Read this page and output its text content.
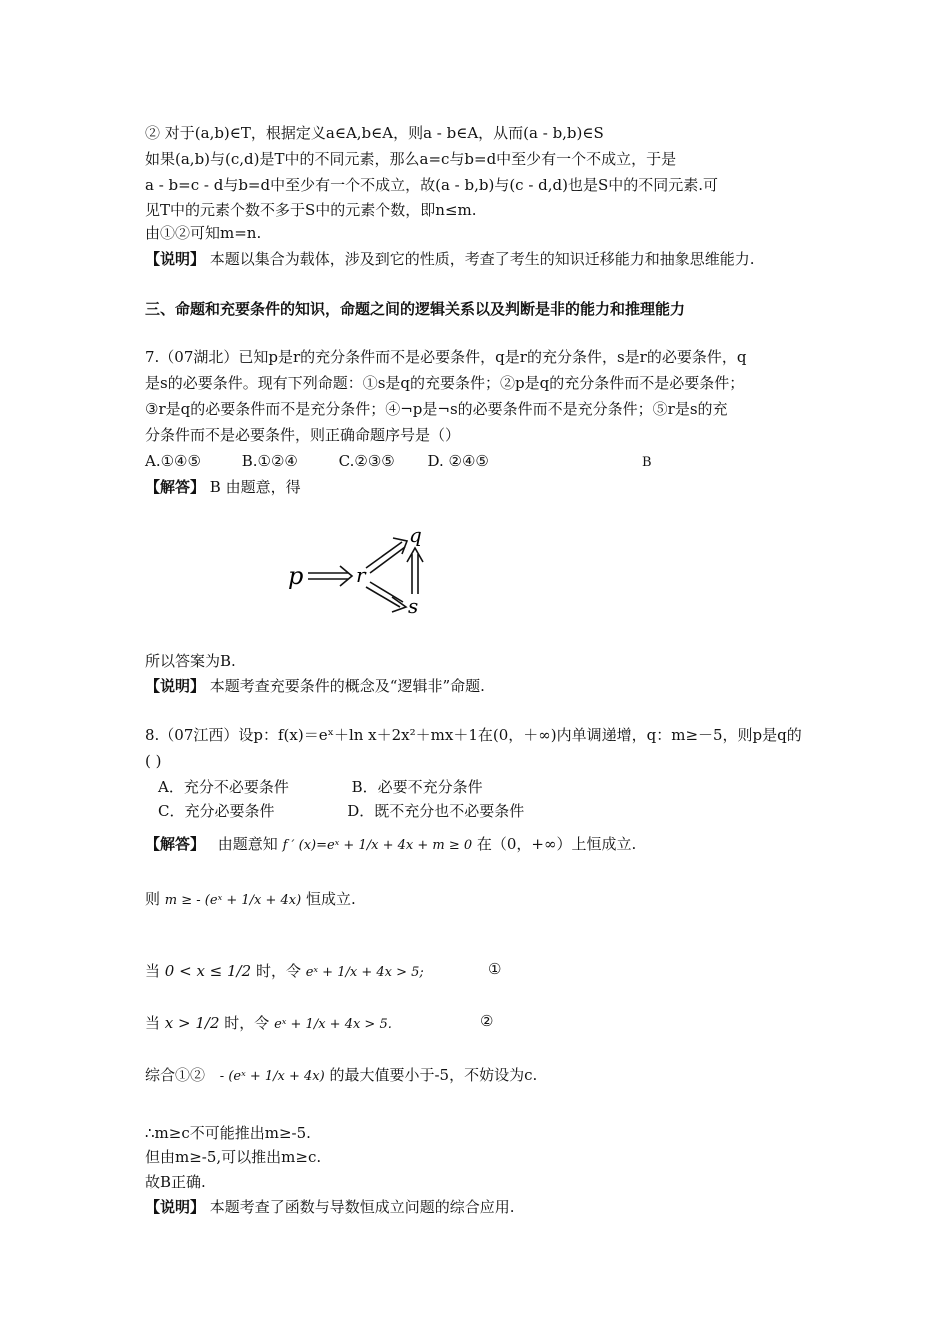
② 对于(a,b)∈T，根据定义a∈A,b∈A，则a - b∈A，从而(a - b,b)∈S
如果(a,b)与(c,d)是T中的不同元素，那么a=c与b=d中至少有一个不成立，于是
a - b=c - d与b=d中至少有一个不成立，故(a - b,b)与(c - d,d)也是S中的不同元素.可
见T中的元素个数不多于S中的元素个数，即n≤m.
由①②可知m=n.
【说明】 本题以集合为载体，涉及到它的性质，考查了考生的知识迁移能力和抽象思维能力.
三、命题和充要条件的知识，命题之间的逻辑关系以及判断是非的能力和推理能力
7.（07湖北）已知p是r的充分条件而不是必要条件，q是r的充分条件，s是r的必要条件，q
是s的必要条件。现有下列命题：①s是q的充要条件；②p是q的充分条件而不是必要条件；
③r是q的必要条件而不是充分条件；④¬p是¬s的必要条件而不是充分条件；⑤r是s的充
分条件而不是必要条件，则正确命题序号是（）
A.①④⑤	B.①②④	C.②③⑤ D. ②④⑤	B
【解答】 B 由题意，得
p	r
q
s
所以答案为B.
【说明】 本题考查充要条件的概念及“逻辑非”命题.
8.（07江西）设p：f(x)＝eˣ＋ln x＋2x²＋mx＋1在(0，＋∞)内单调递增，q：m≥－5，则p是q的
( )
A．充分不必要条件	B．必要不充分条件
C．充分必要条件	D．既不充分也不必要条件
【解答】 由题意知 f ′ (x)=eˣ + 1/x + 4x + m ≥ 0 在（0，+∞）上恒成立.
则 m ≥ - (eˣ + 1/x + 4x) 恒成立.
当 0 < x ≤ 1/2 时，令 eˣ + 1/x + 4x > 5;	①
当 x > 1/2 时，令 eˣ + 1/x + 4x > 5.	②
综合①② - (eˣ + 1/x + 4x) 的最大值要小于-5，不妨设为c.
∴m≥c不可能推出m≥-5.
但由m≥-5,可以推出m≥c.
故B正确.
【说明】 本题考查了函数与导数恒成立问题的综合应用.
